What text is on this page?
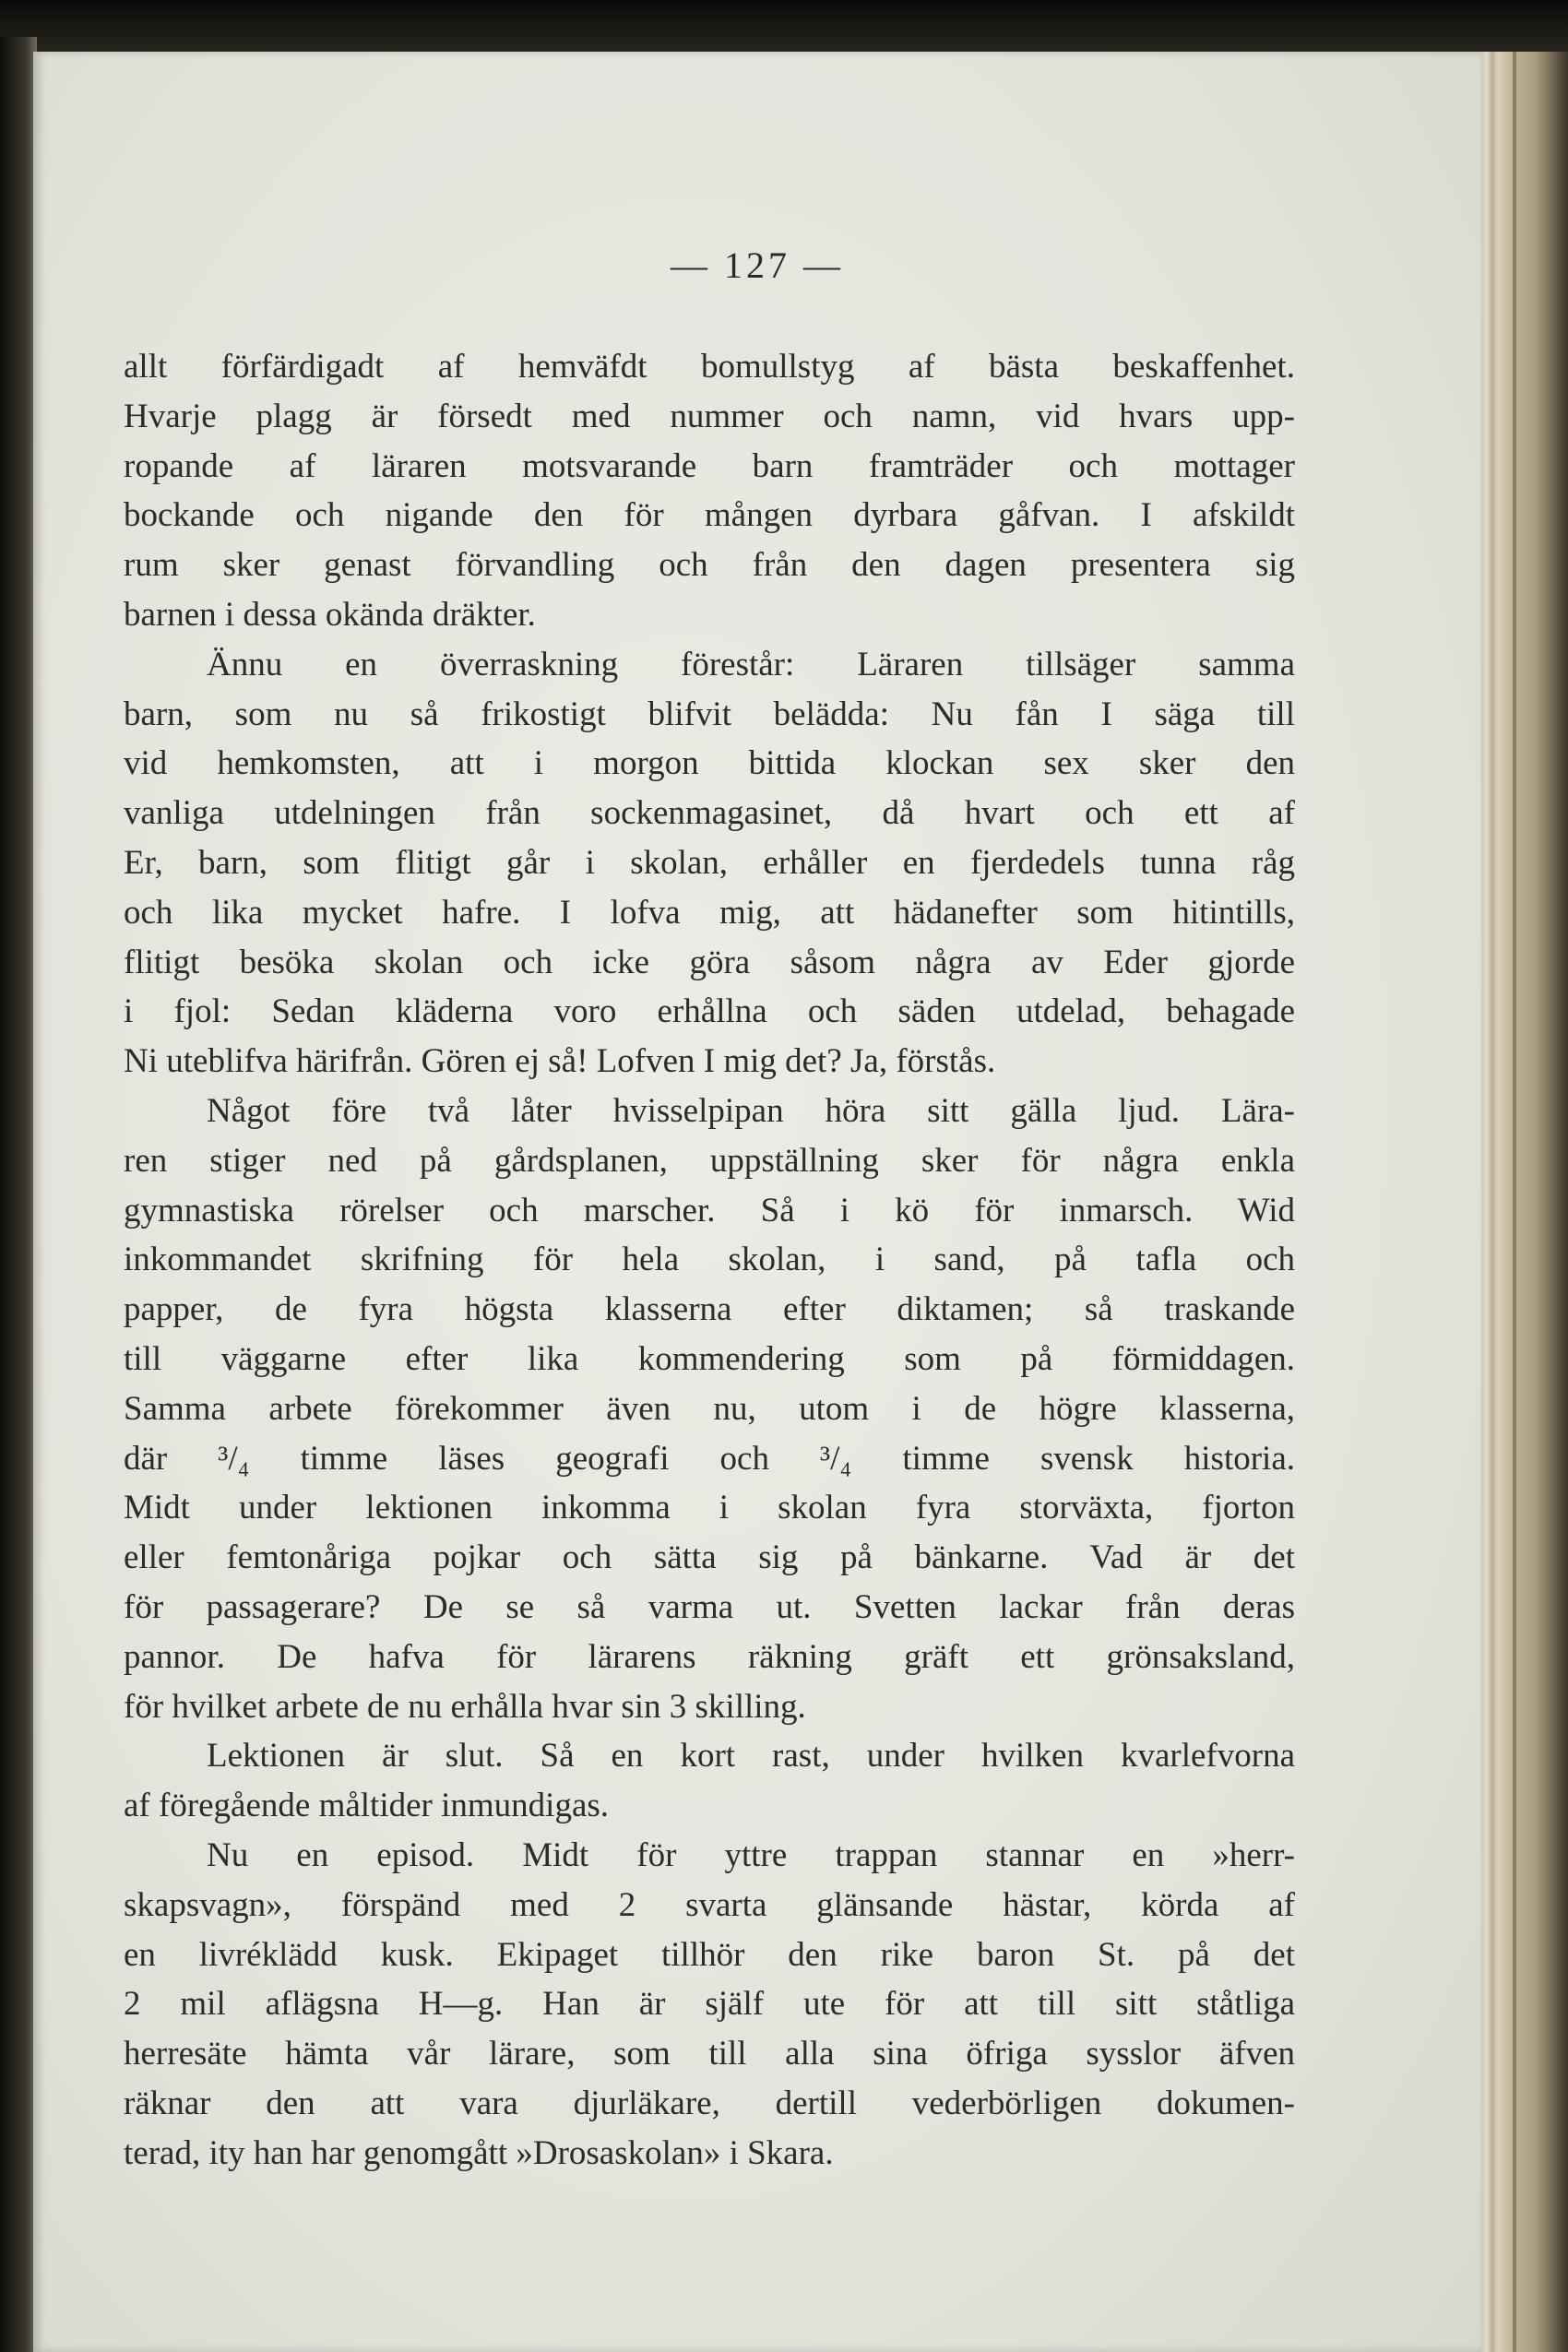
— 127 —
allt förfärdigadt af hemväfdt bomullstyg af bästa beskaffenhet.
Hvarje plagg är försedt med nummer och namn, vid hvars upp-
ropande af läraren motsvarande barn framträder och mottager
bockande och nigande den för mången dyrbara gåfvan. I afskildt
rum sker genast förvandling och från den dagen presentera sig
barnen i dessa okända dräkter.
Ännu en överraskning förestår: Läraren tillsäger samma
barn, som nu så frikostigt blifvit belädda: Nu fån I säga till
vid hemkomsten, att i morgon bittida klockan sex sker den
vanliga utdelningen från sockenmagasinet, då hvart och ett af
Er, barn, som flitigt går i skolan, erhåller en fjerdedels tunna råg
och lika mycket hafre. I lofva mig, att hädanefter som hitintills,
flitigt besöka skolan och icke göra såsom några av Eder gjorde
i fjol: Sedan kläderna voro erhållna och säden utdelad, behagade
Ni uteblifva härifrån. Gören ej så! Lofven I mig det? Ja, förstås.
Något före två låter hvisselpipan höra sitt gälla ljud. Lära-
ren stiger ned på gårdsplanen, uppställning sker för några enkla
gymnastiska rörelser och marscher. Så i kö för inmarsch. Wid
inkommandet skrifning för hela skolan, i sand, på tafla och
papper, de fyra högsta klasserna efter diktamen; så traskande
till väggarne efter lika kommendering som på förmiddagen.
Samma arbete förekommer även nu, utom i de högre klasserna,
där ³/₄ timme läses geografi och ³/₄ timme svensk historia.
Midt under lektionen inkomma i skolan fyra storväxta, fjorton
eller femtonåriga pojkar och sätta sig på bänkarne. Vad är det
för passagerare? De se så varma ut. Svetten lackar från deras
pannor. De hafva för lärarens räkning gräft ett grönsaksland,
för hvilket arbete de nu erhålla hvar sin 3 skilling.
Lektionen är slut. Så en kort rast, under hvilken kvarlefvorna
af föregående måltider inmundigas.
Nu en episod. Midt för yttre trappan stannar en »herr-
skapsvagn», förspänd med 2 svarta glänsande hästar, körda af
en livréklädd kusk. Ekipaget tillhör den rike baron St. på det
2 mil aflägsna H—g. Han är själf ute för att till sitt ståtliga
herresäte hämta vår lärare, som till alla sina öfriga sysslor äfven
räknar den att vara djurläkare, dertill vederbörligen dokumen-
terad, ity han har genomgått »Drosaskolan» i Skara.
